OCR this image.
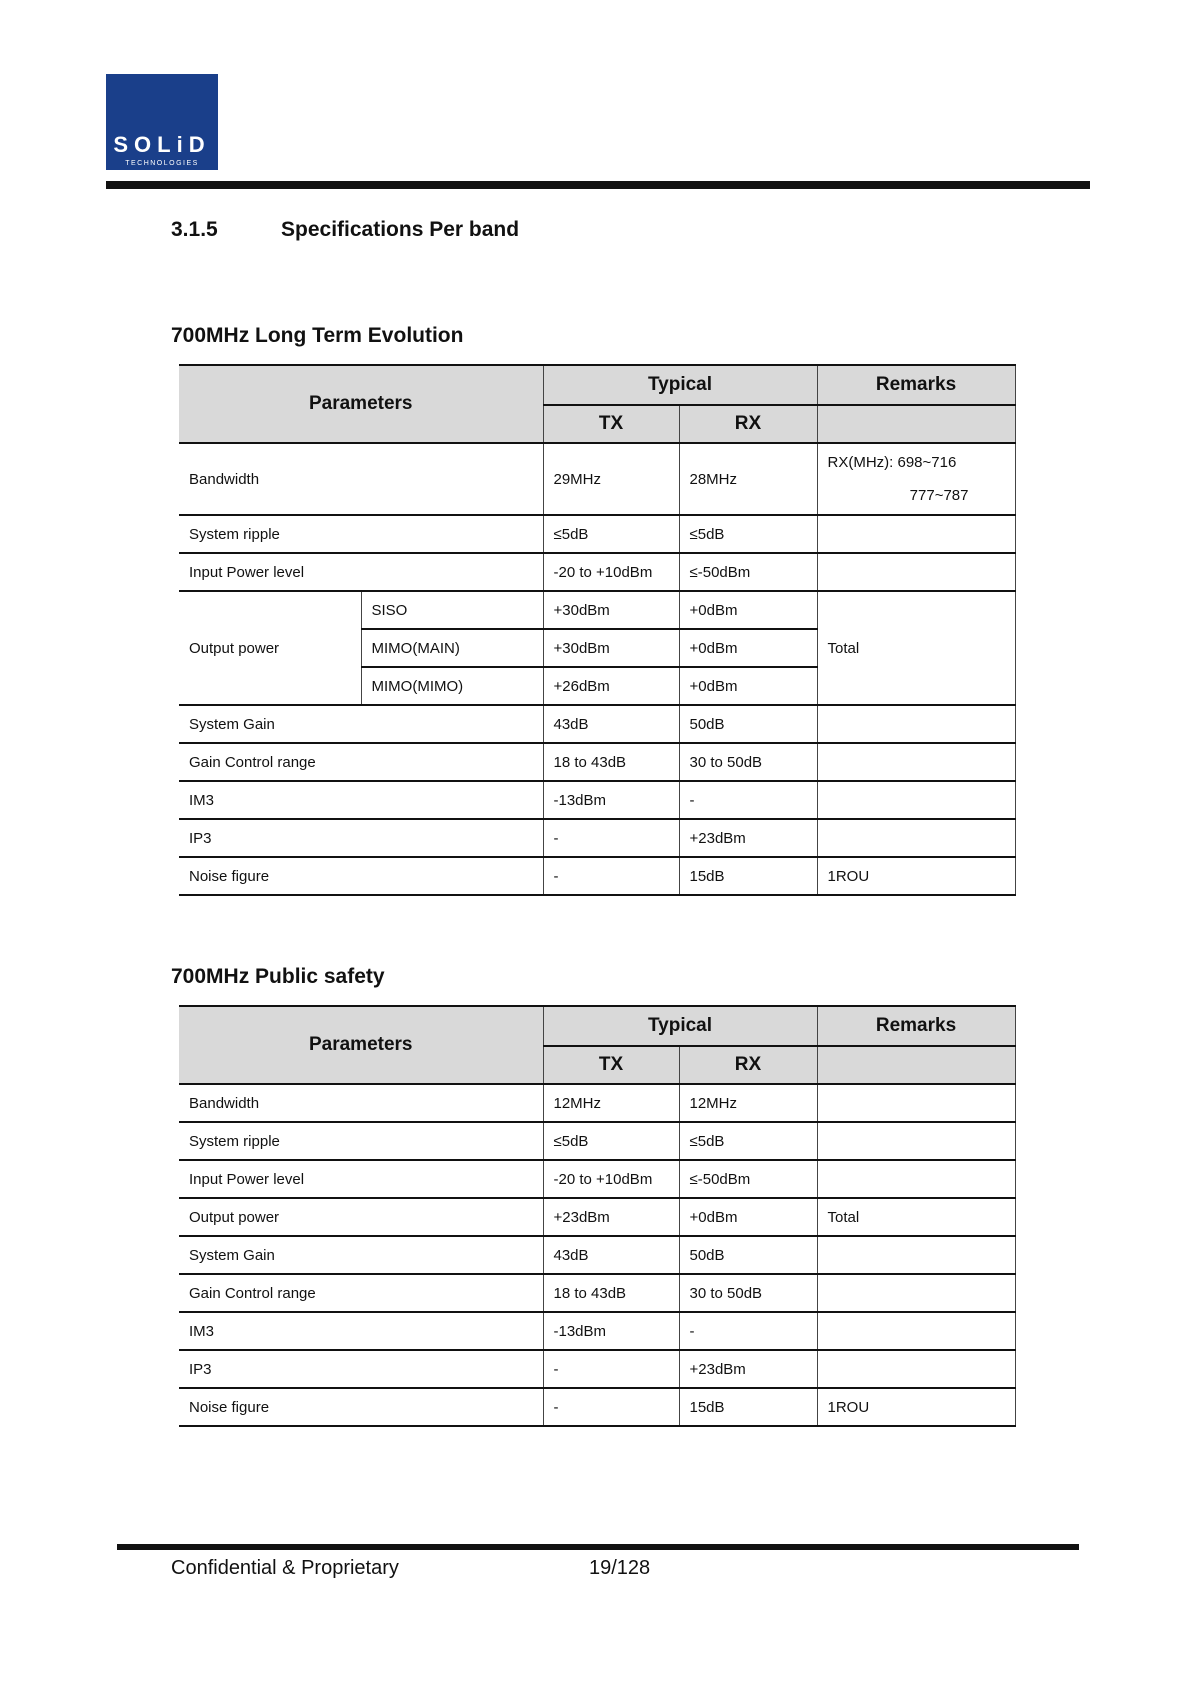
SOLiD
TECHNOLOGIES
3.1.5	Specifications Per band
700MHz Long Term Evolution
Parameters		Typical		Remarks
		TX	RX	
Bandwidth		29MHz	28MHz	RX(MHz): 698~716
777~787

System ripple		≤5dB	≤5dB	
Input Power level		-20 to +10dBm	≤-50dBm	
Output power	SISO	+30dBm	+0dBm	Total
	MIMO(MAIN)	+30dBm	+0dBm	
	MIMO(MIMO)	+26dBm	+0dBm	
System Gain		43dB	50dB	
Gain Control range		18 to 43dB	30 to 50dB	
IM3		-13dBm	-	
IP3		-	+23dBm	
Noise figure		-	15dB	1ROU
700MHz Public safety
Parameters	Typical		Remarks
	TX	RX	
Bandwidth	12MHz	12MHz	
System ripple	≤5dB	≤5dB	
Input Power level	-20 to +10dBm	≤-50dBm	
Output power	+23dBm	+0dBm	Total
System Gain	43dB	50dB	
Gain Control range	18 to 43dB	30 to 50dB	
IM3	-13dBm	-	
IP3	-	+23dBm	
Noise figure	-	15dB	1ROU
Confidential & Proprietary	19/128
